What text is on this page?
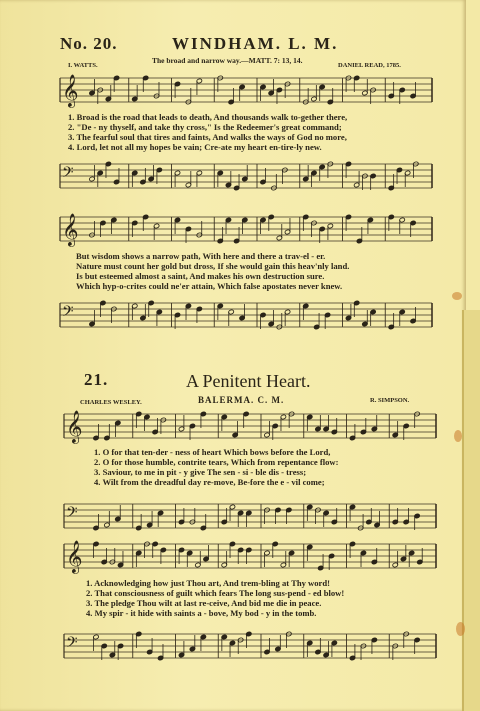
No. 20.	WINDHAM. L. M.
The broad and narrow way.—MATT. 7: 13, 14.
I. WATTS.	DANIEL READ, 1785.
𝄞
1. Broad is the road that leads to death, And thousands walk to-gether there,
2. "De - ny thyself, and take thy cross," Is the Redeemer's great command;
3. The fearful soul that tires and faints, And walks the ways of God no more,
4. Lord, let not all my hopes be vain; Cre-ate my heart en-tire-ly new.
𝄢
𝄞
But wisdom shows a narrow path, With here and there a trav-el - er.
Nature must count her gold but dross, If she would gain this heav'nly land.
Is but esteemed almost a saint, And makes his own destruction sure.
Which hyp-o-crites could ne'er attain, Which false apostates never knew.
𝄢
21.	A Penitent Heart.
BALERMA. C. M.
CHARLES WESLEY.	R. SIMPSON.
𝄞
1. O for that ten-der - ness of heart Which bows before the Lord,
2. O for those humble, contrite tears, Which from repentance flow:
3. Saviour, to me in pit - y give The sen - si - ble dis - tress;
4. Wilt from the dreadful day re-move, Be-fore the e - vil come;
𝄢
𝄞
1. Acknowledging how just Thou art, And trem-bling at Thy word!
2. That consciousness of guilt which fears The long sus-pend - ed blow!
3. The pledge Thou wilt at last re-ceive, And bid me die in peace.
4. My spir - it hide with saints a - bove, My bod - y in the tomb.
𝄢
